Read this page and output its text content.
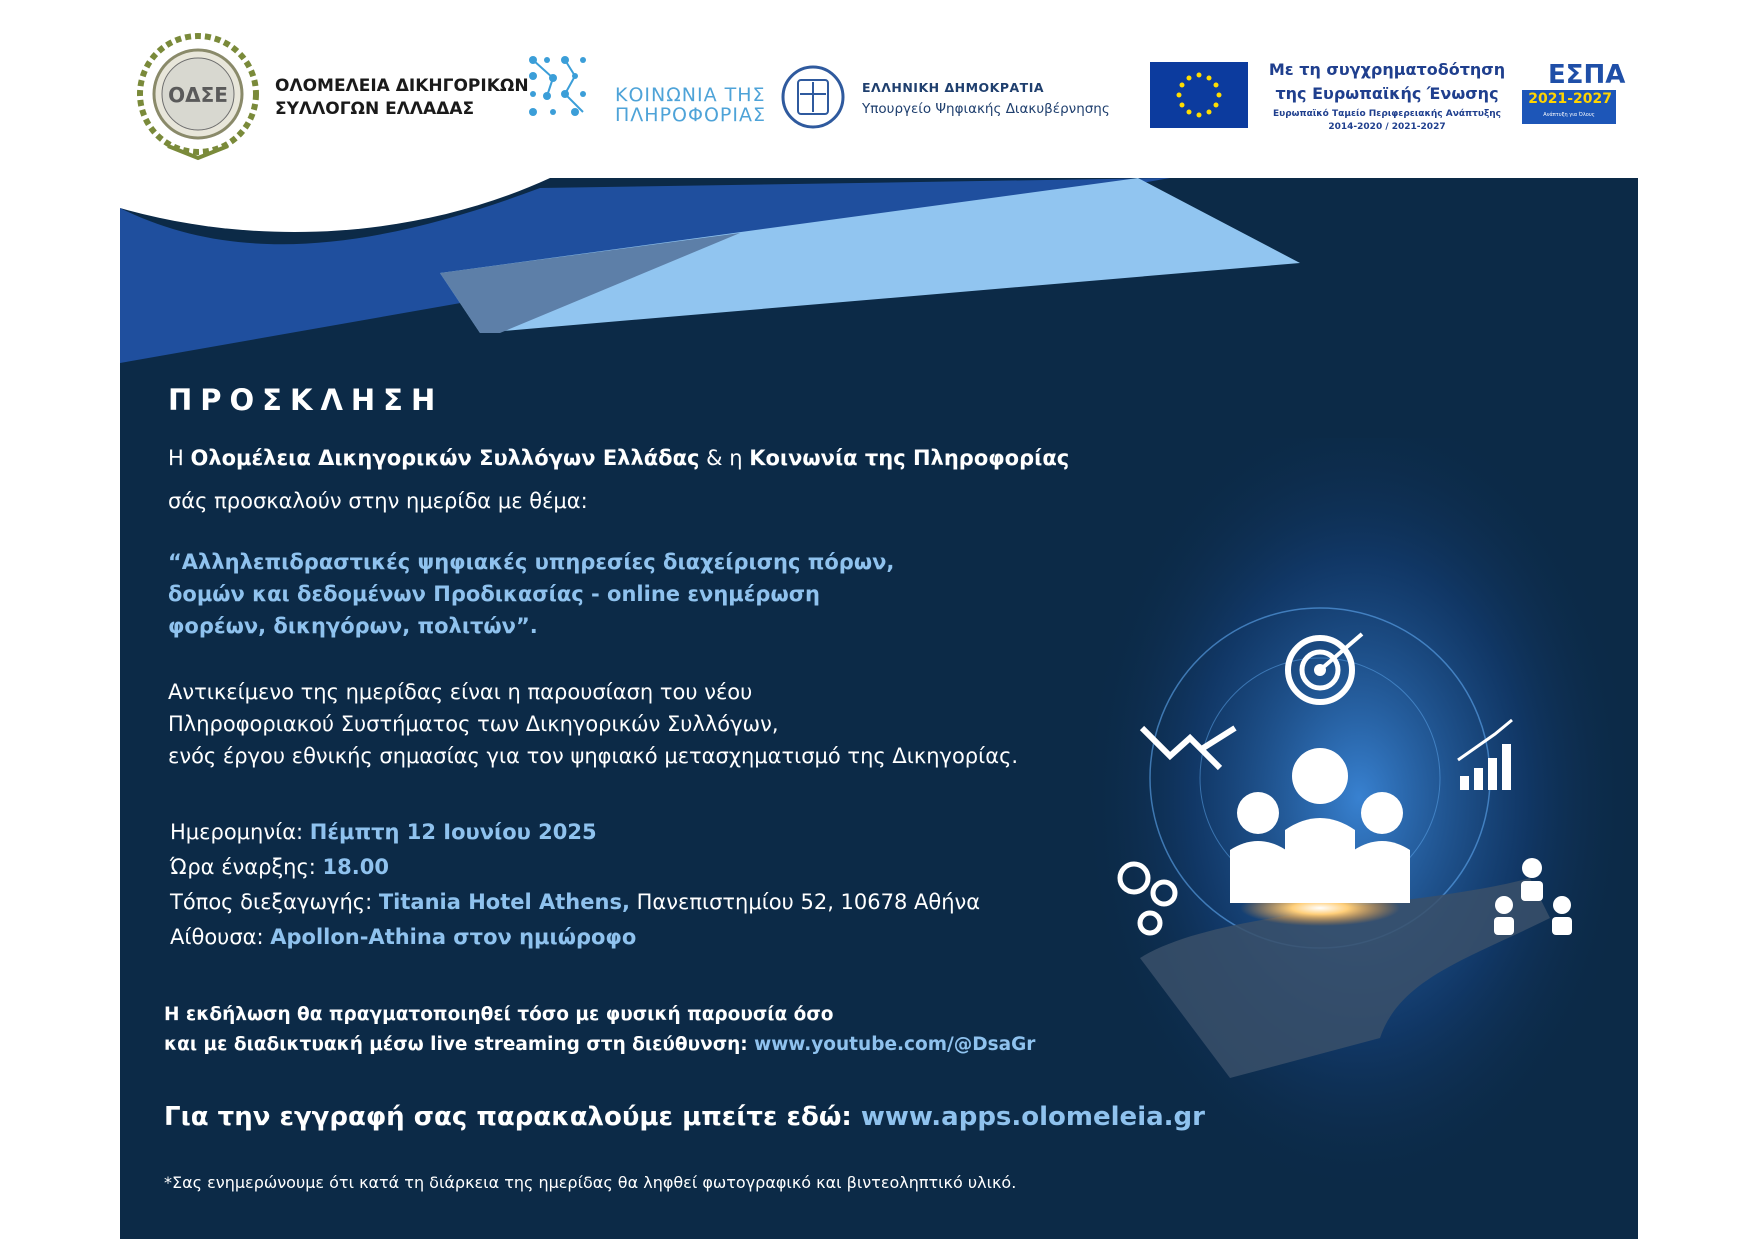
ΟΔΣΕ	ΟΛΟΜΕΛΕΙΑ ΔΙΚΗΓΟΡΙΚΩΝ
ΣΥΛΛΟΓΩΝ ΕΛΛΑΔΑΣ
ΚΟΙΝΩΝΙΑ ΤΗΣ
ΠΛΗΡΟΦΟΡΙΑΣ
ΕΛΛΗΝΙΚΗ ΔΗΜΟΚΡΑΤΙΑ
Υπουργείο Ψηφιακής Διακυβέρνησης
Με τη συγχρηματοδότηση
της Ευρωπαϊκής Ένωσης
Ευρωπαϊκό Ταμείο Περιφερειακής Ανάπτυξης
2014-2020 / 2021-2027
ΕΣΠΑ
2021-2027
Ανάπτυξη για Όλους
ΠΡΟΣΚΛΗΣΗ
Η Ολομέλεια Δικηγορικών Συλλόγων Ελλάδας & η Κοινωνία της Πληροφορίας
σάς προσκαλούν στην ημερίδα με θέμα:
“Αλληλεπιδραστικές ψηφιακές υπηρεσίες διαχείρισης πόρων,
δομών και δεδομένων Προδικασίας - online ενημέρωση
φορέων, δικηγόρων, πολιτών”.
Αντικείμενο της ημερίδας είναι η παρουσίαση του νέου
Πληροφοριακού Συστήματος των Δικηγορικών Συλλόγων,
ενός έργου εθνικής σημασίας για τον ψηφιακό μετασχηματισμό της Δικηγορίας.
Ημερομηνία: Πέμπτη 12 Ιουνίου 2025
Ώρα έναρξης: 18.00
Τόπος διεξαγωγής: Titania Hotel Athens, Πανεπιστημίου 52, 10678 Αθήνα
Αίθουσα: Apollon-Athina στον ημιώροφο
Η εκδήλωση θα πραγματοποιηθεί τόσο με φυσική παρουσία όσο
και με διαδικτυακή μέσω live streaming στη διεύθυνση: www.youtube.com/@DsaGr
Για την εγγραφή σας παρακαλούμε μπείτε εδώ: www.apps.olomeleia.gr
*Σας ενημερώνουμε ότι κατά τη διάρκεια της ημερίδας θα ληφθεί φωτογραφικό και βιντεοληπτικό υλικό.
